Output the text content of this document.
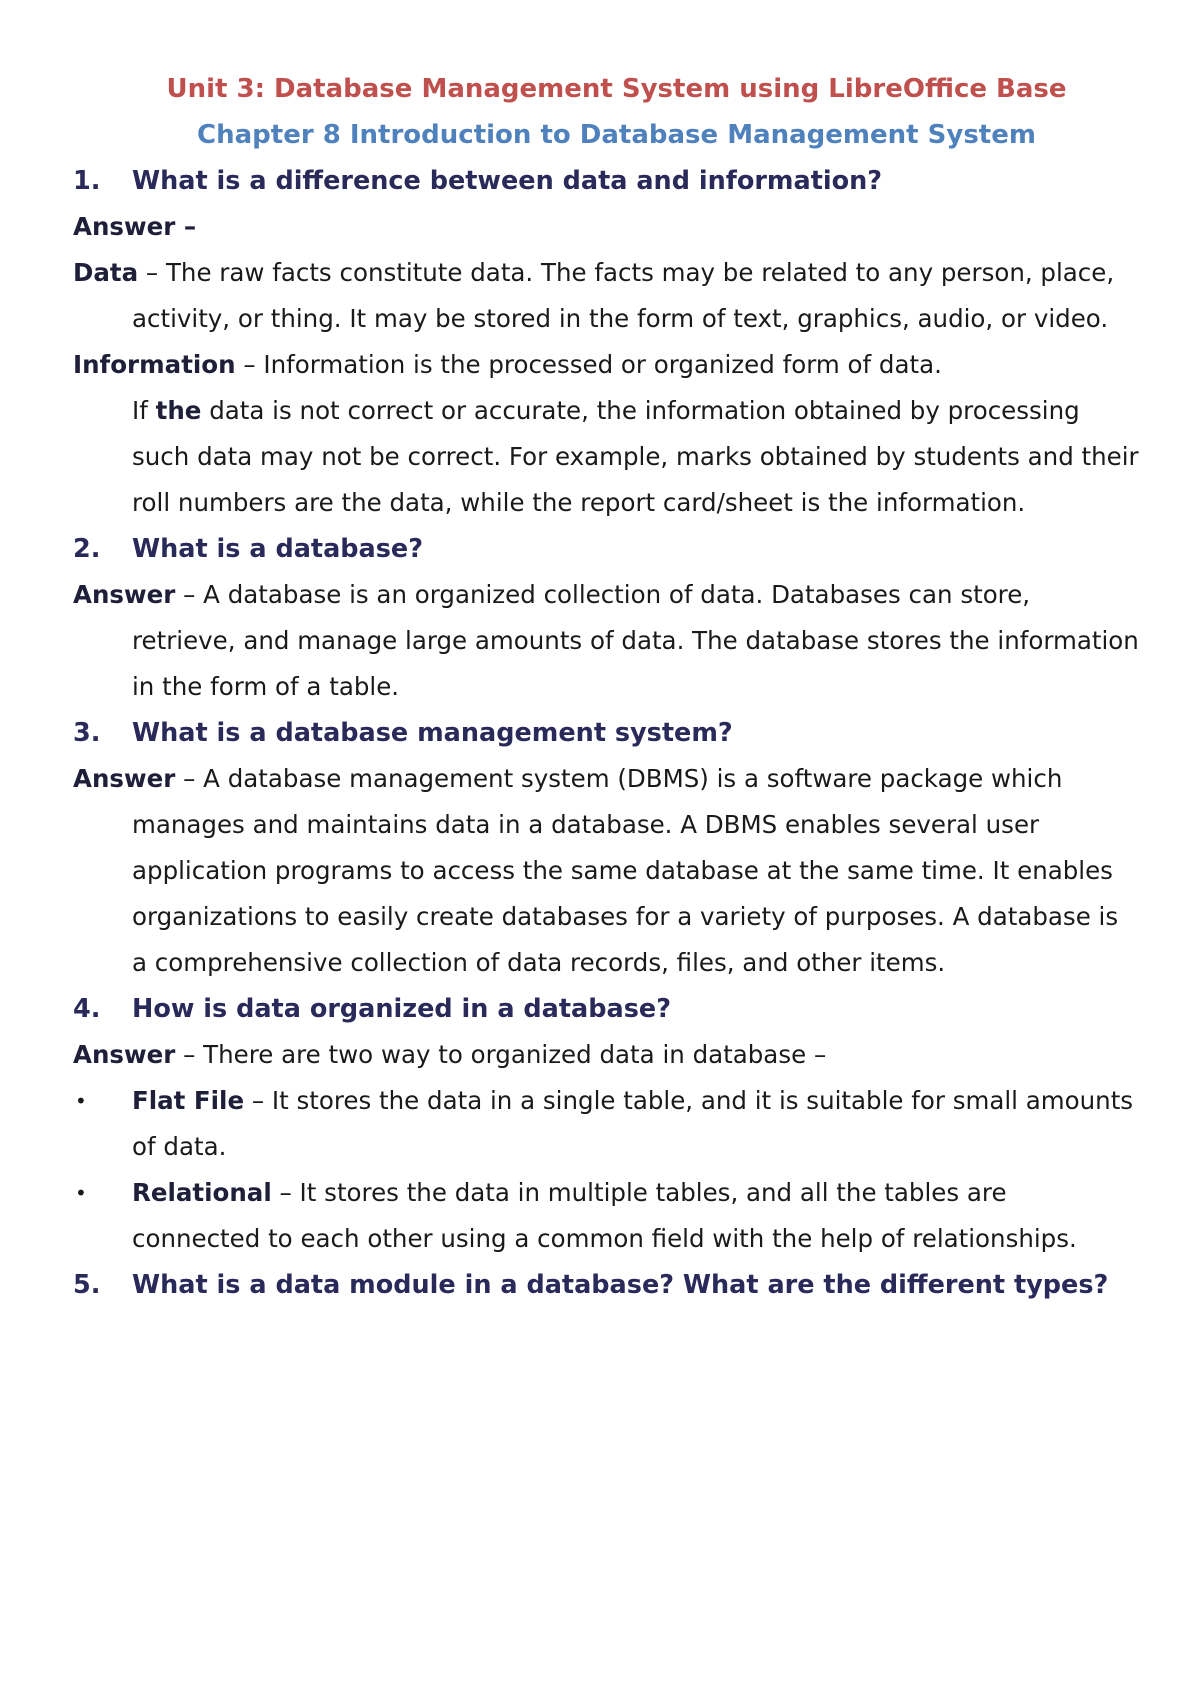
Unit 3: Database Management System using LibreOffice Base
Chapter 8 Introduction to Database Management System
1.	What is a difference between data and information?
Answer –
Data – The raw facts constitute data. The facts may be related to any person, place, activity, or thing. It may be stored in the form of text, graphics, audio, or video.
Information – Information is the processed or organized form of data.
If the data is not correct or accurate, the information obtained by processing such data may not be correct. For example, marks obtained by students and their roll numbers are the data, while the report card/sheet is the information.
2.	What is a database?
Answer – A database is an organized collection of data. Databases can store, retrieve, and manage large amounts of data. The database stores the information in the form of a table.
3.	What is a database management system?
Answer – A database management system (DBMS) is a software package which manages and maintains data in a database. A DBMS enables several user application programs to access the same database at the same time. It enables organizations to easily create databases for a variety of purposes. A database is a comprehensive collection of data records, files, and other items.
4.	How is data organized in a database?
Answer – There are two way to organized data in database –
•	Flat File – It stores the data in a single table, and it is suitable for small amounts of data.
•	Relational – It stores the data in multiple tables, and all the tables are connected to each other using a common field with the help of relationships.
5.	What is a data module in a database? What are the different types?
